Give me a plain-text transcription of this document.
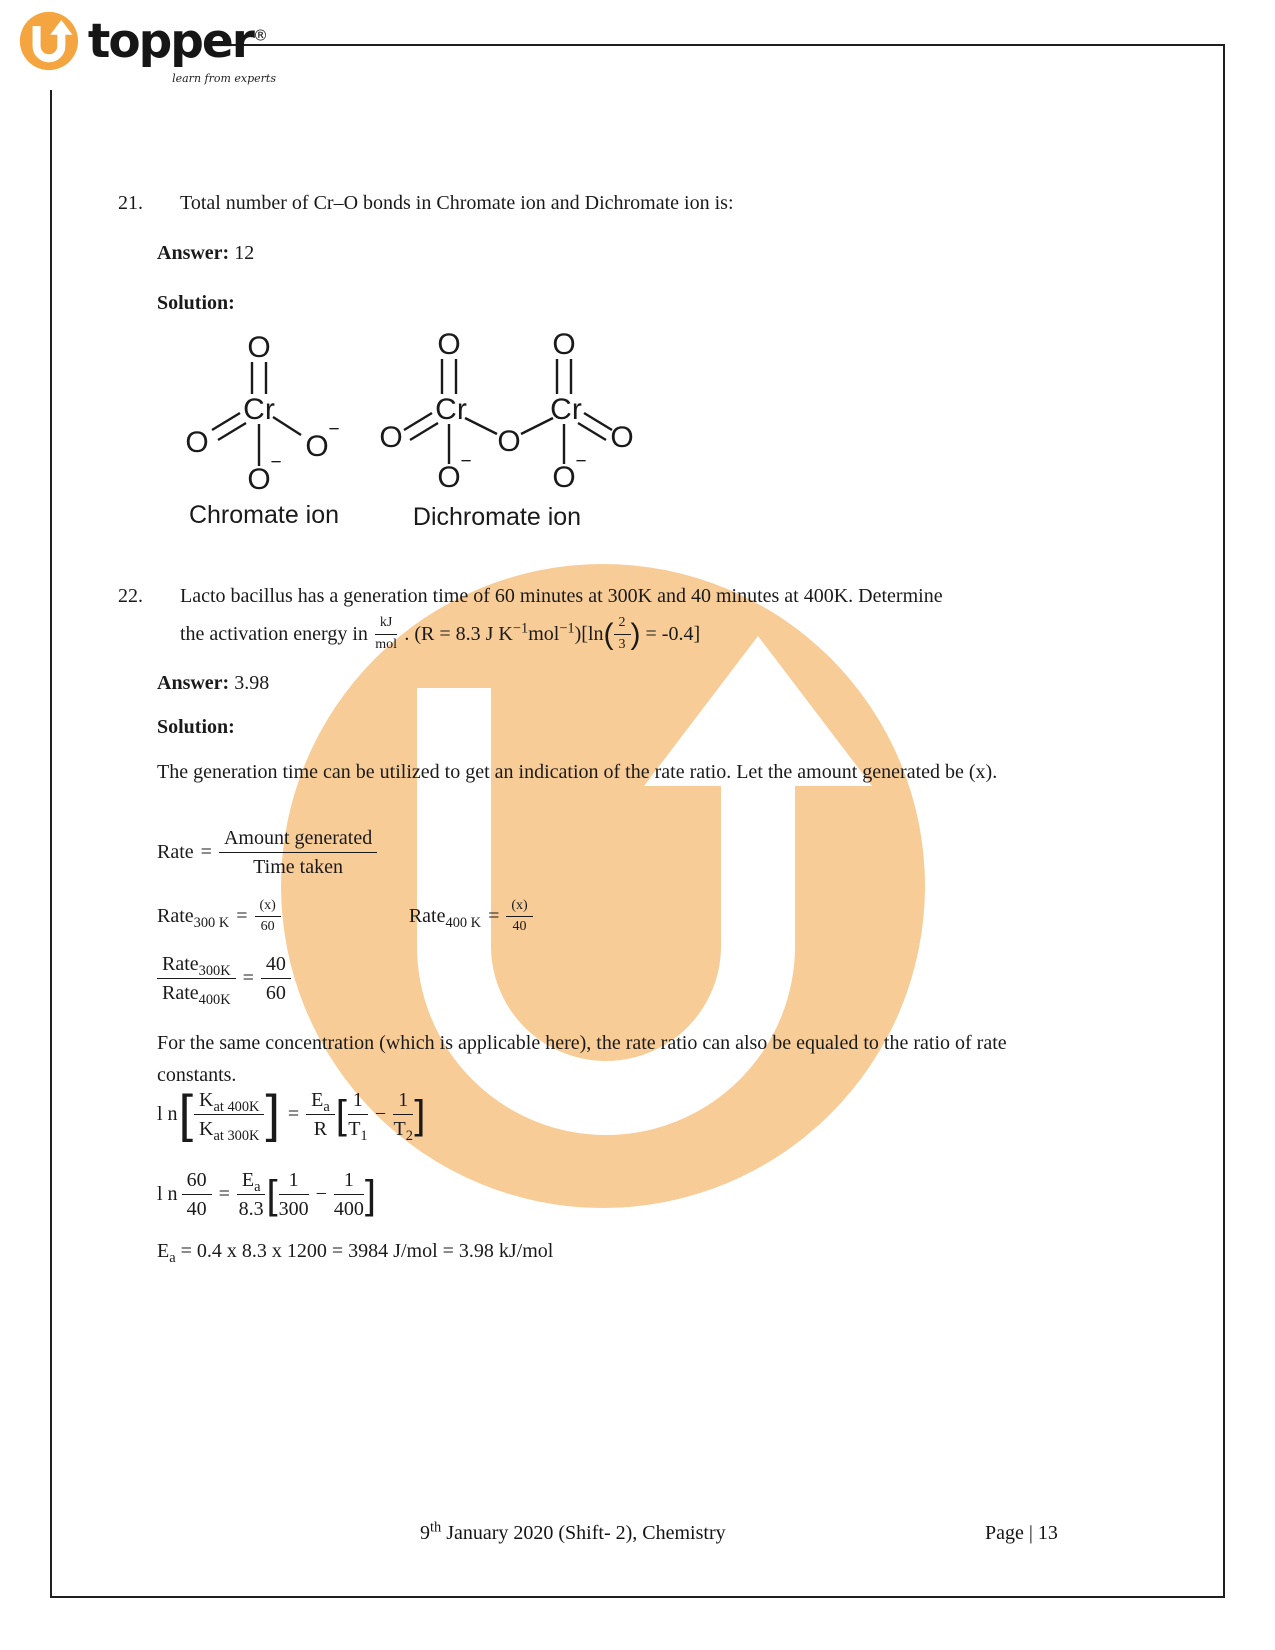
topper®
learn from experts
21. Total number of Cr–O bonds in Chromate ion and Dichromate ion is:
Answer: 12
Solution:
O
Cr
O	O
−
O
−
O	O
Cr	Cr
O	O	O
O −	O −
Chromate ion	Dichromate ion
22. Lacto bacillus has a generation time of 60 minutes at 300K and 40 minutes at 400K. Determine
the activation energy in kJ
mol . (R = 8.3 J $K^{-1}mol^{-1})[\ln$ ( $\frac{2}{3}$ ) = -0.4]
Answer: 3.98
Solution:
The generation time can be utilized to get an indication of the rate ratio. Let the amount generated be (x).
Rate =
Amount generated
Time taken
Rate$_{300 K}$ = $\frac{(x)}{60}$	Rate$_{400 K}$ = $\frac{(x)}{40}$
Rate$_{300K}$
Rate$_{400K}$
= $\frac{40}{60}$
For the same concentration (which is applicable here), the rate ratio can also be equaled to the ratio of rate constants.
l n [ $K_{at 400K}$
$K_{at 300K}$ ] = $\frac{E_a}{R}$ [ $\frac{1}{T_1} - \frac{1}{T_2}$ ]
l n $\frac{60}{40} = \frac{E_a}{8.3}$ [ $\frac{1}{300} - \frac{1}{400}$ ]
$E_a = 0.4$ x 8.3 x 1200 = 3984 J/mol = 3.98 kJ/mol
9th January 2020 (Shift- 2), Chemistry	Page | 13
